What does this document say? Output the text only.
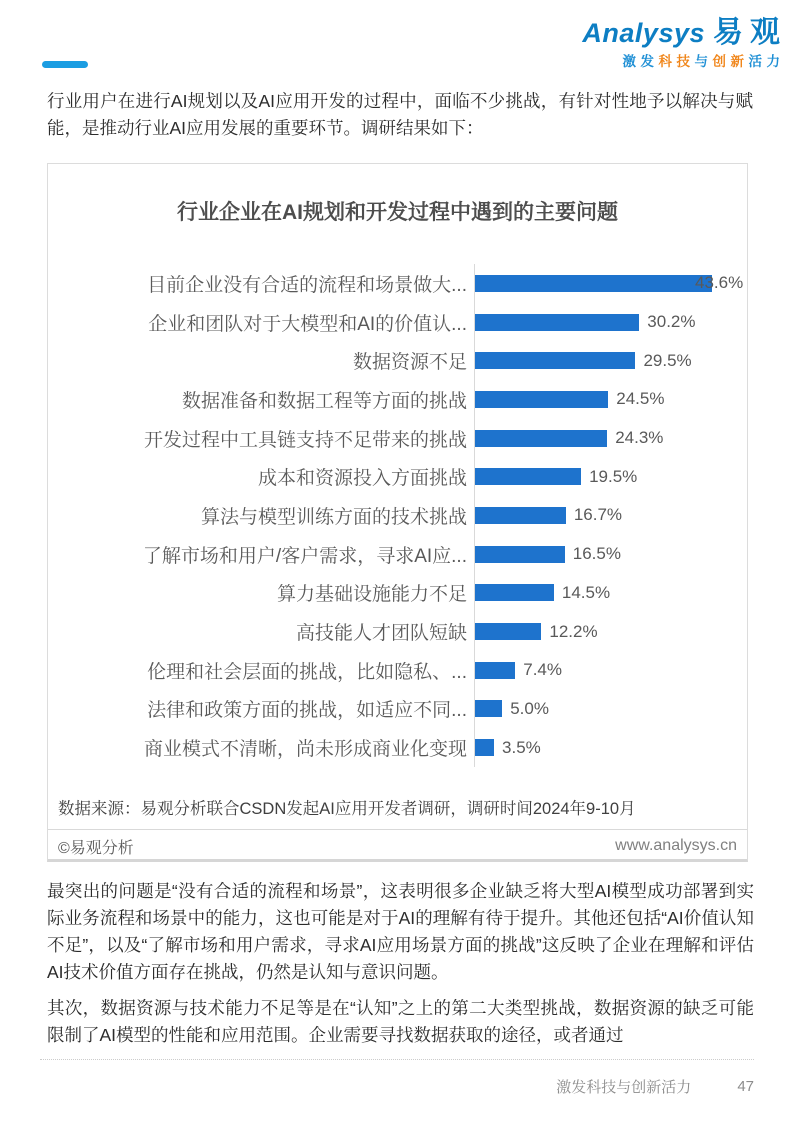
Analysys 易观
激发科技与创新活力

行业用户在进行AI规划以及AI应用开发的过程中，面临不少挑战，有针对性地予以解决与赋能，是推动行业AI应用发展的重要环节。调研结果如下：

行业企业在AI规划和开发过程中遇到的主要问题
目前企业没有合适的流程和场景做大...	43.6%
企业和团队对于大模型和AI的价值认...	30.2%
数据资源不足	29.5%
数据准备和数据工程等方面的挑战	24.5%
开发过程中工具链支持不足带来的挑战	24.3%
成本和资源投入方面挑战	19.5%
算法与模型训练方面的技术挑战	16.7%
了解市场和用户/客户需求，寻求AI应...	16.5%
算力基础设施能力不足	14.5%
高技能人才团队短缺	12.2%
伦理和社会层面的挑战，比如隐私、...	7.4%
法律和政策方面的挑战，如适应不同...	5.0%
商业模式不清晰，尚未形成商业化变现	3.5%
数据来源：易观分析联合CSDN发起AI应用开发者调研，调研时间2024年9-10月
©易观分析	www.analysys.cn

最突出的问题是“没有合适的流程和场景”，这表明很多企业缺乏将大型AI模型成功部署到实际业务流程和场景中的能力，这也可能是对于AI的理解有待于提升。其他还包括“AI价值认知不足”，以及“了解市场和用户需求，寻求AI应用场景方面的挑战”这反映了企业在理解和评估AI技术价值方面存在挑战，仍然是认知与意识问题。

其次，数据资源与技术能力不足等是在“认知”之上的第二大类型挑战，数据资源的缺乏可能限制了AI模型的性能和应用范围。企业需要寻找数据获取的途径，或者通过

激发科技与创新活力	47
